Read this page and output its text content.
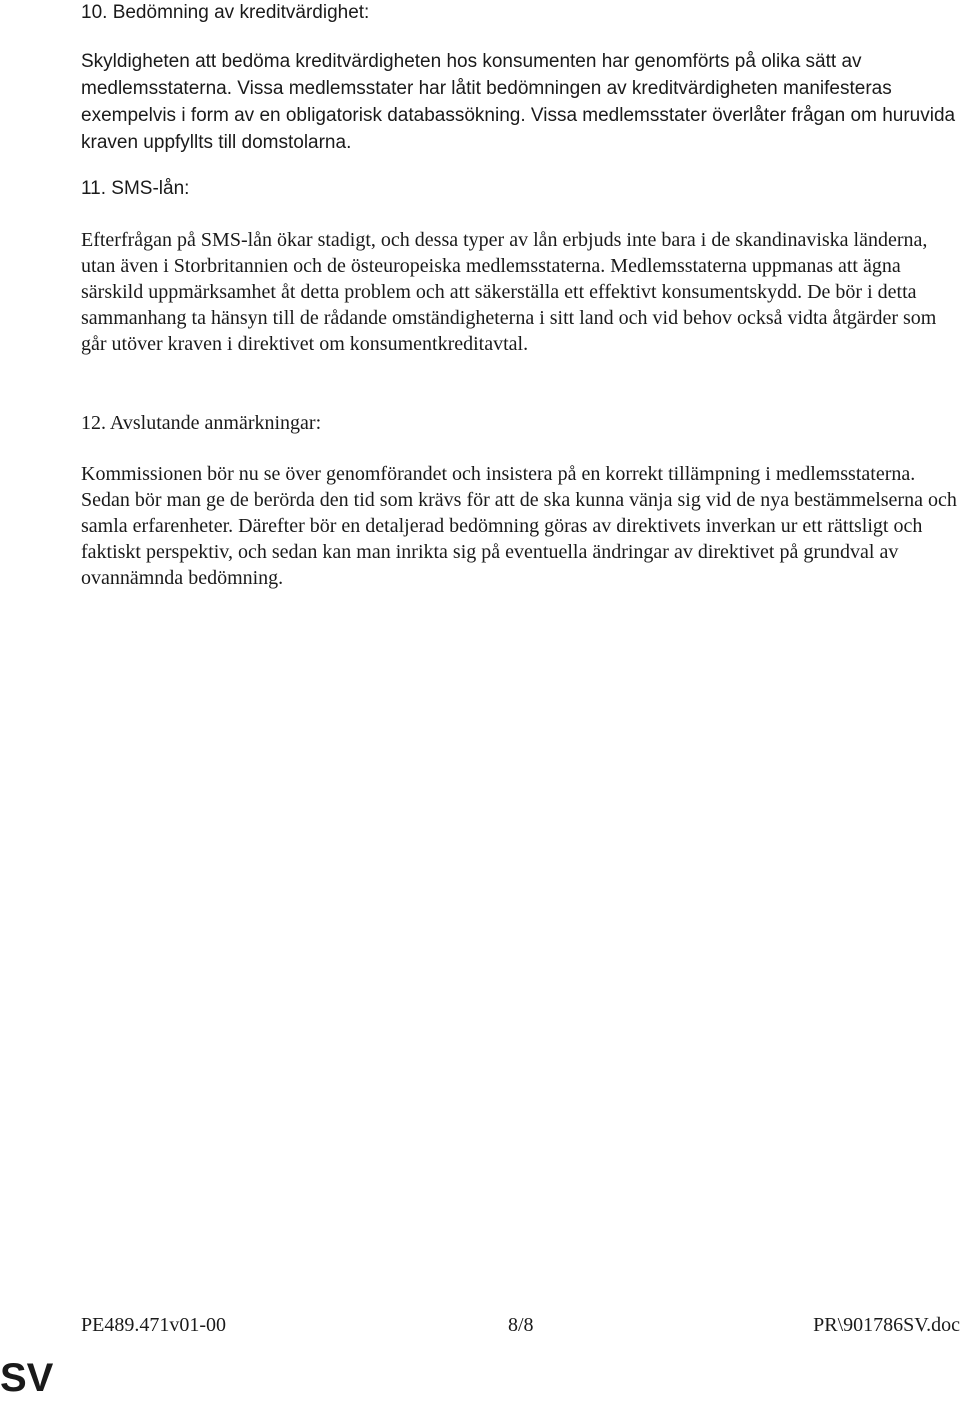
10. Bedömning av kreditvärdighet:

Skyldigheten att bedöma kreditvärdigheten hos konsumenten har genomförts på olika sätt av medlemsstaterna. Vissa medlemsstater har låtit bedömningen av kreditvärdigheten manifesteras exempelvis i form av en obligatorisk databassökning. Vissa medlemsstater överlåter frågan om huruvida kraven uppfyllts till domstolarna.

11. SMS-lån:

Efterfrågan på SMS-lån ökar stadigt, och dessa typer av lån erbjuds inte bara i de skandinaviska länderna, utan även i Storbritannien och de östeuropeiska medlemsstaterna. Medlemsstaterna uppmanas att ägna särskild uppmärksamhet åt detta problem och att säkerställa ett effektivt konsumentskydd. De bör i detta sammanhang ta hänsyn till de rådande omständigheterna i sitt land och vid behov också vidta åtgärder som går utöver kraven i direktivet om konsumentkreditavtal.

12. Avslutande anmärkningar:

Kommissionen bör nu se över genomförandet och insistera på en korrekt tillämpning i medlemsstaterna. Sedan bör man ge de berörda den tid som krävs för att de ska kunna vänja sig vid de nya bestämmelserna och samla erfarenheter. Därefter bör en detaljerad bedömning göras av direktivets inverkan ur ett rättsligt och faktiskt perspektiv, och sedan kan man inrikta sig på eventuella ändringar av direktivet på grundval av ovannämnda bedömning.

PE489.471v01-00	8/8	PR\901786SV.doc
SV
